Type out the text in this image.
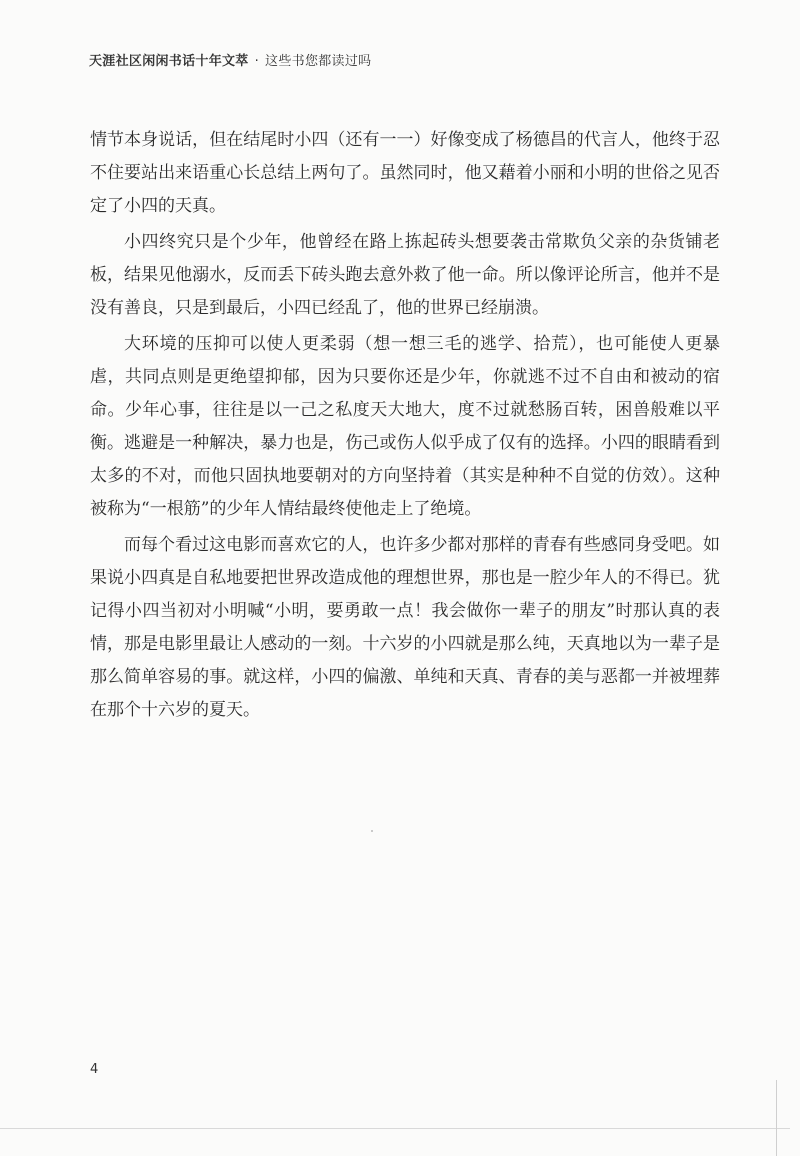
天涯社区闲闲书话十年文萃 · 这些书您都读过吗

情节本身说话，但在结尾时小四（还有一一）好像变成了杨德昌的代言人，他终于忍不住要站出来语重心长总结上两句了。虽然同时，他又藉着小丽和小明的世俗之见否定了小四的天真。

小四终究只是个少年，他曾经在路上拣起砖头想要袭击常欺负父亲的杂货铺老板，结果见他溺水，反而丢下砖头跑去意外救了他一命。所以像评论所言，他并不是没有善良，只是到最后，小四已经乱了，他的世界已经崩溃。

大环境的压抑可以使人更柔弱（想一想三毛的逃学、拾荒），也可能使人更暴虐，共同点则是更绝望抑郁，因为只要你还是少年，你就逃不过不自由和被动的宿命。少年心事，往往是以一己之私度天大地大，度不过就愁肠百转，困兽般难以平衡。逃避是一种解决，暴力也是，伤己或伤人似乎成了仅有的选择。小四的眼睛看到太多的不对，而他只固执地要朝对的方向坚持着（其实是种种不自觉的仿效）。这种被称为“一根筋”的少年人情结最终使他走上了绝境。

而每个看过这电影而喜欢它的人，也许多少都对那样的青春有些感同身受吧。如果说小四真是自私地要把世界改造成他的理想世界，那也是一腔少年人的不得已。犹记得小四当初对小明喊“小明，要勇敢一点！我会做你一辈子的朋友”时那认真的表情，那是电影里最让人感动的一刻。十六岁的小四就是那么纯，天真地以为一辈子是那么简单容易的事。就这样，小四的偏激、单纯和天真、青春的美与恶都一并被埋葬在那个十六岁的夏天。

4
